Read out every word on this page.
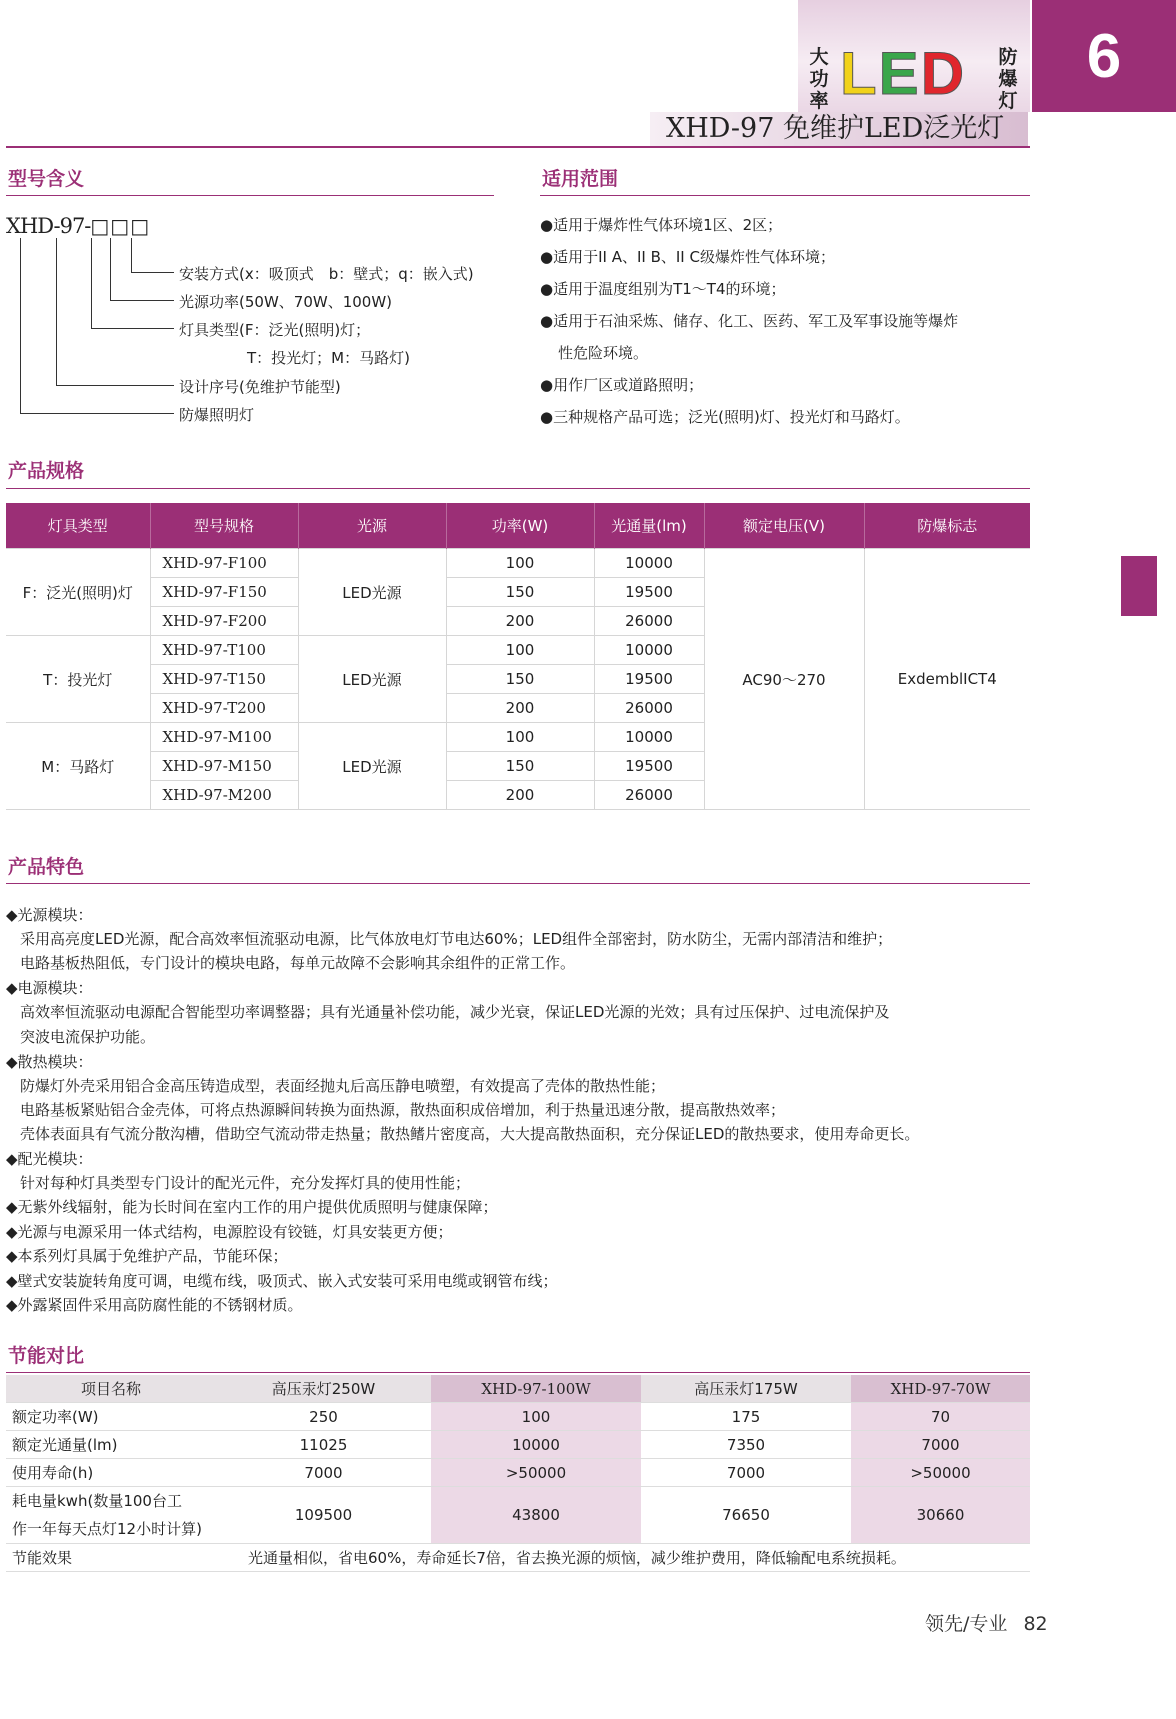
大
功
率 LED 防
爆
灯
6
XHD-97 免维护LED泛光灯
型号含义
XHD-97-□□□
安装方式(x：吸顶式　b：壁式；q：嵌入式)
光源功率(50W、70W、100W)
灯具类型(F：泛光(照明)灯；
T：投光灯；M：马路灯)
设计序号(免维护节能型)
防爆照明灯
适用范围
●适用于爆炸性气体环境1区、2区；
●适用于II A、II B、II C级爆炸性气体环境；
●适用于温度组别为T1～T4的环境；
●适用于石油采炼、储存、化工、医药、军工及军事设施等爆炸
性危险环境。
●用作厂区或道路照明；
●三种规格产品可选；泛光(照明)灯、投光灯和马路灯。
产品规格
灯具类型	型号规格	光源	功率(W)	光通量(lm)	额定电压(V)	防爆标志
F：泛光(照明)灯	XHD-97-F100	LED光源	100	10000	AC90～270	ExdemblICT4
	XHD-97-F150		150	19500		
	XHD-97-F200		200	26000		
T：投光灯	XHD-97-T100	LED光源	100	10000		
	XHD-97-T150		150	19500		
	XHD-97-T200		200	26000		
M：马路灯	XHD-97-M100	LED光源	100	10000		
	XHD-97-M150		150	19500		
	XHD-97-M200		200	26000		
产品特色
◆光源模块：
采用高亮度LED光源，配合高效率恒流驱动电源，比气体放电灯节电达60%；LED组件全部密封，防水防尘，无需内部清洁和维护；
电路基板热阻低，专门设计的模块电路，每单元故障不会影响其余组件的正常工作。
◆电源模块：
高效率恒流驱动电源配合智能型功率调整器；具有光通量补偿功能，减少光衰，保证LED光源的光效；具有过压保护、过电流保护及
突波电流保护功能。
◆散热模块：
防爆灯外壳采用铝合金高压铸造成型，表面经抛丸后高压静电喷塑，有效提高了壳体的散热性能；
电路基板紧贴铝合金壳体，可将点热源瞬间转换为面热源，散热面积成倍增加，利于热量迅速分散，提高散热效率；
壳体表面具有气流分散沟槽，借助空气流动带走热量；散热鳍片密度高，大大提高散热面积，充分保证LED的散热要求，使用寿命更长。
◆配光模块：
针对每种灯具类型专门设计的配光元件，充分发挥灯具的使用性能；
◆无紫外线辐射，能为长时间在室内工作的用户提供优质照明与健康保障；
◆光源与电源采用一体式结构，电源腔设有铰链，灯具安装更方便；
◆本系列灯具属于免维护产品，节能环保；
◆壁式安装旋转角度可调，电缆布线，吸顶式、嵌入式安装可采用电缆或钢管布线；
◆外露紧固件采用高防腐性能的不锈钢材质。
节能对比
项目名称	高压汞灯250W	XHD-97-100W	高压汞灯175W	XHD-97-70W
额定功率(W)	250	100	175	70
额定光通量(lm)	11025	10000	7350	7000
使用寿命(h)	7000	>50000	7000	>50000

耗电量kwh(数量100台工
作一年每天点灯12小时计算)	109500	43800	76650	30660
节能效果	光通量相似，省电60%，寿命延长7倍，省去换光源的烦恼，减少维护费用，降低输配电系统损耗。			
领先/专业 82
